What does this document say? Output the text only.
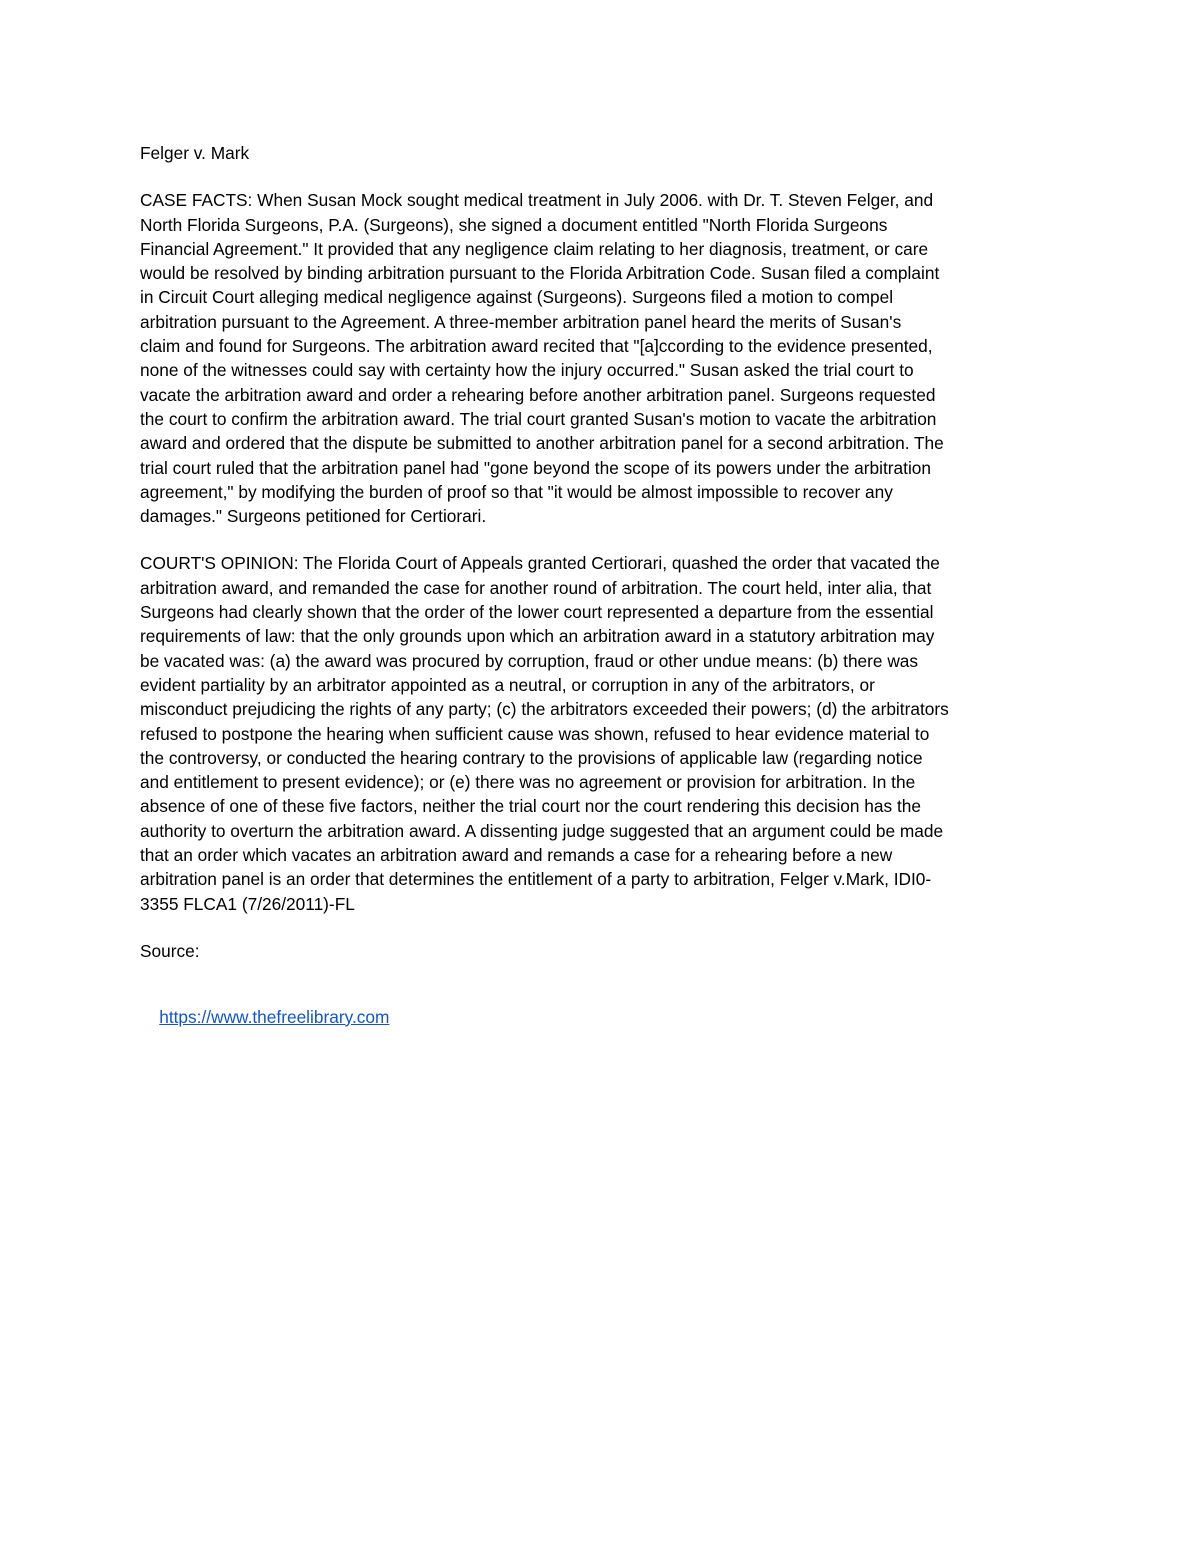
Felger v. Mark

CASE FACTS: When Susan Mock sought medical treatment in July 2006. with Dr. T. Steven Felger, and
North Florida Surgeons, P.A. (Surgeons), she signed a document entitled "North Florida Surgeons
Financial Agreement." It provided that any negligence claim relating to her diagnosis, treatment, or care
would be resolved by binding arbitration pursuant to the Florida Arbitration Code. Susan filed a complaint
in Circuit Court alleging medical negligence against (Surgeons). Surgeons filed a motion to compel
arbitration pursuant to the Agreement. A three-member arbitration panel heard the merits of Susan's
claim and found for Surgeons. The arbitration award recited that "[a]ccording to the evidence presented,
none of the witnesses could say with certainty how the injury occurred." Susan asked the trial court to
vacate the arbitration award and order a rehearing before another arbitration panel. Surgeons requested
the court to confirm the arbitration award. The trial court granted Susan's motion to vacate the arbitration
award and ordered that the dispute be submitted to another arbitration panel for a second arbitration. The
trial court ruled that the arbitration panel had "gone beyond the scope of its powers under the arbitration
agreement," by modifying the burden of proof so that "it would be almost impossible to recover any
damages." Surgeons petitioned for Certiorari.
COURT'S OPINION: The Florida Court of Appeals granted Certiorari, quashed the order that vacated the
arbitration award, and remanded the case for another round of arbitration. The court held, inter alia, that
Surgeons had clearly shown that the order of the lower court represented a departure from the essential
requirements of law: that the only grounds upon which an arbitration award in a statutory arbitration may
be vacated was: (a) the award was procured by corruption, fraud or other undue means: (b) there was
evident partiality by an arbitrator appointed as a neutral, or corruption in any of the arbitrators, or
misconduct prejudicing the rights of any party; (c) the arbitrators exceeded their powers; (d) the arbitrators
refused to postpone the hearing when sufficient cause was shown, refused to hear evidence material to
the controversy, or conducted the hearing contrary to the provisions of applicable law (regarding notice
and entitlement to present evidence); or (e) there was no agreement or provision for arbitration. In the
absence of one of these five factors, neither the trial court nor the court rendering this decision has the
authority to overturn the arbitration award. A dissenting judge suggested that an argument could be made
that an order which vacates an arbitration award and remands a case for a rehearing before a new
arbitration panel is an order that determines the entitlement of a party to arbitration, Felger v.Mark, IDI0-
3355 FLCA1 (7/26/2011)-FL

Source:

https://www.thefreelibrary.com
